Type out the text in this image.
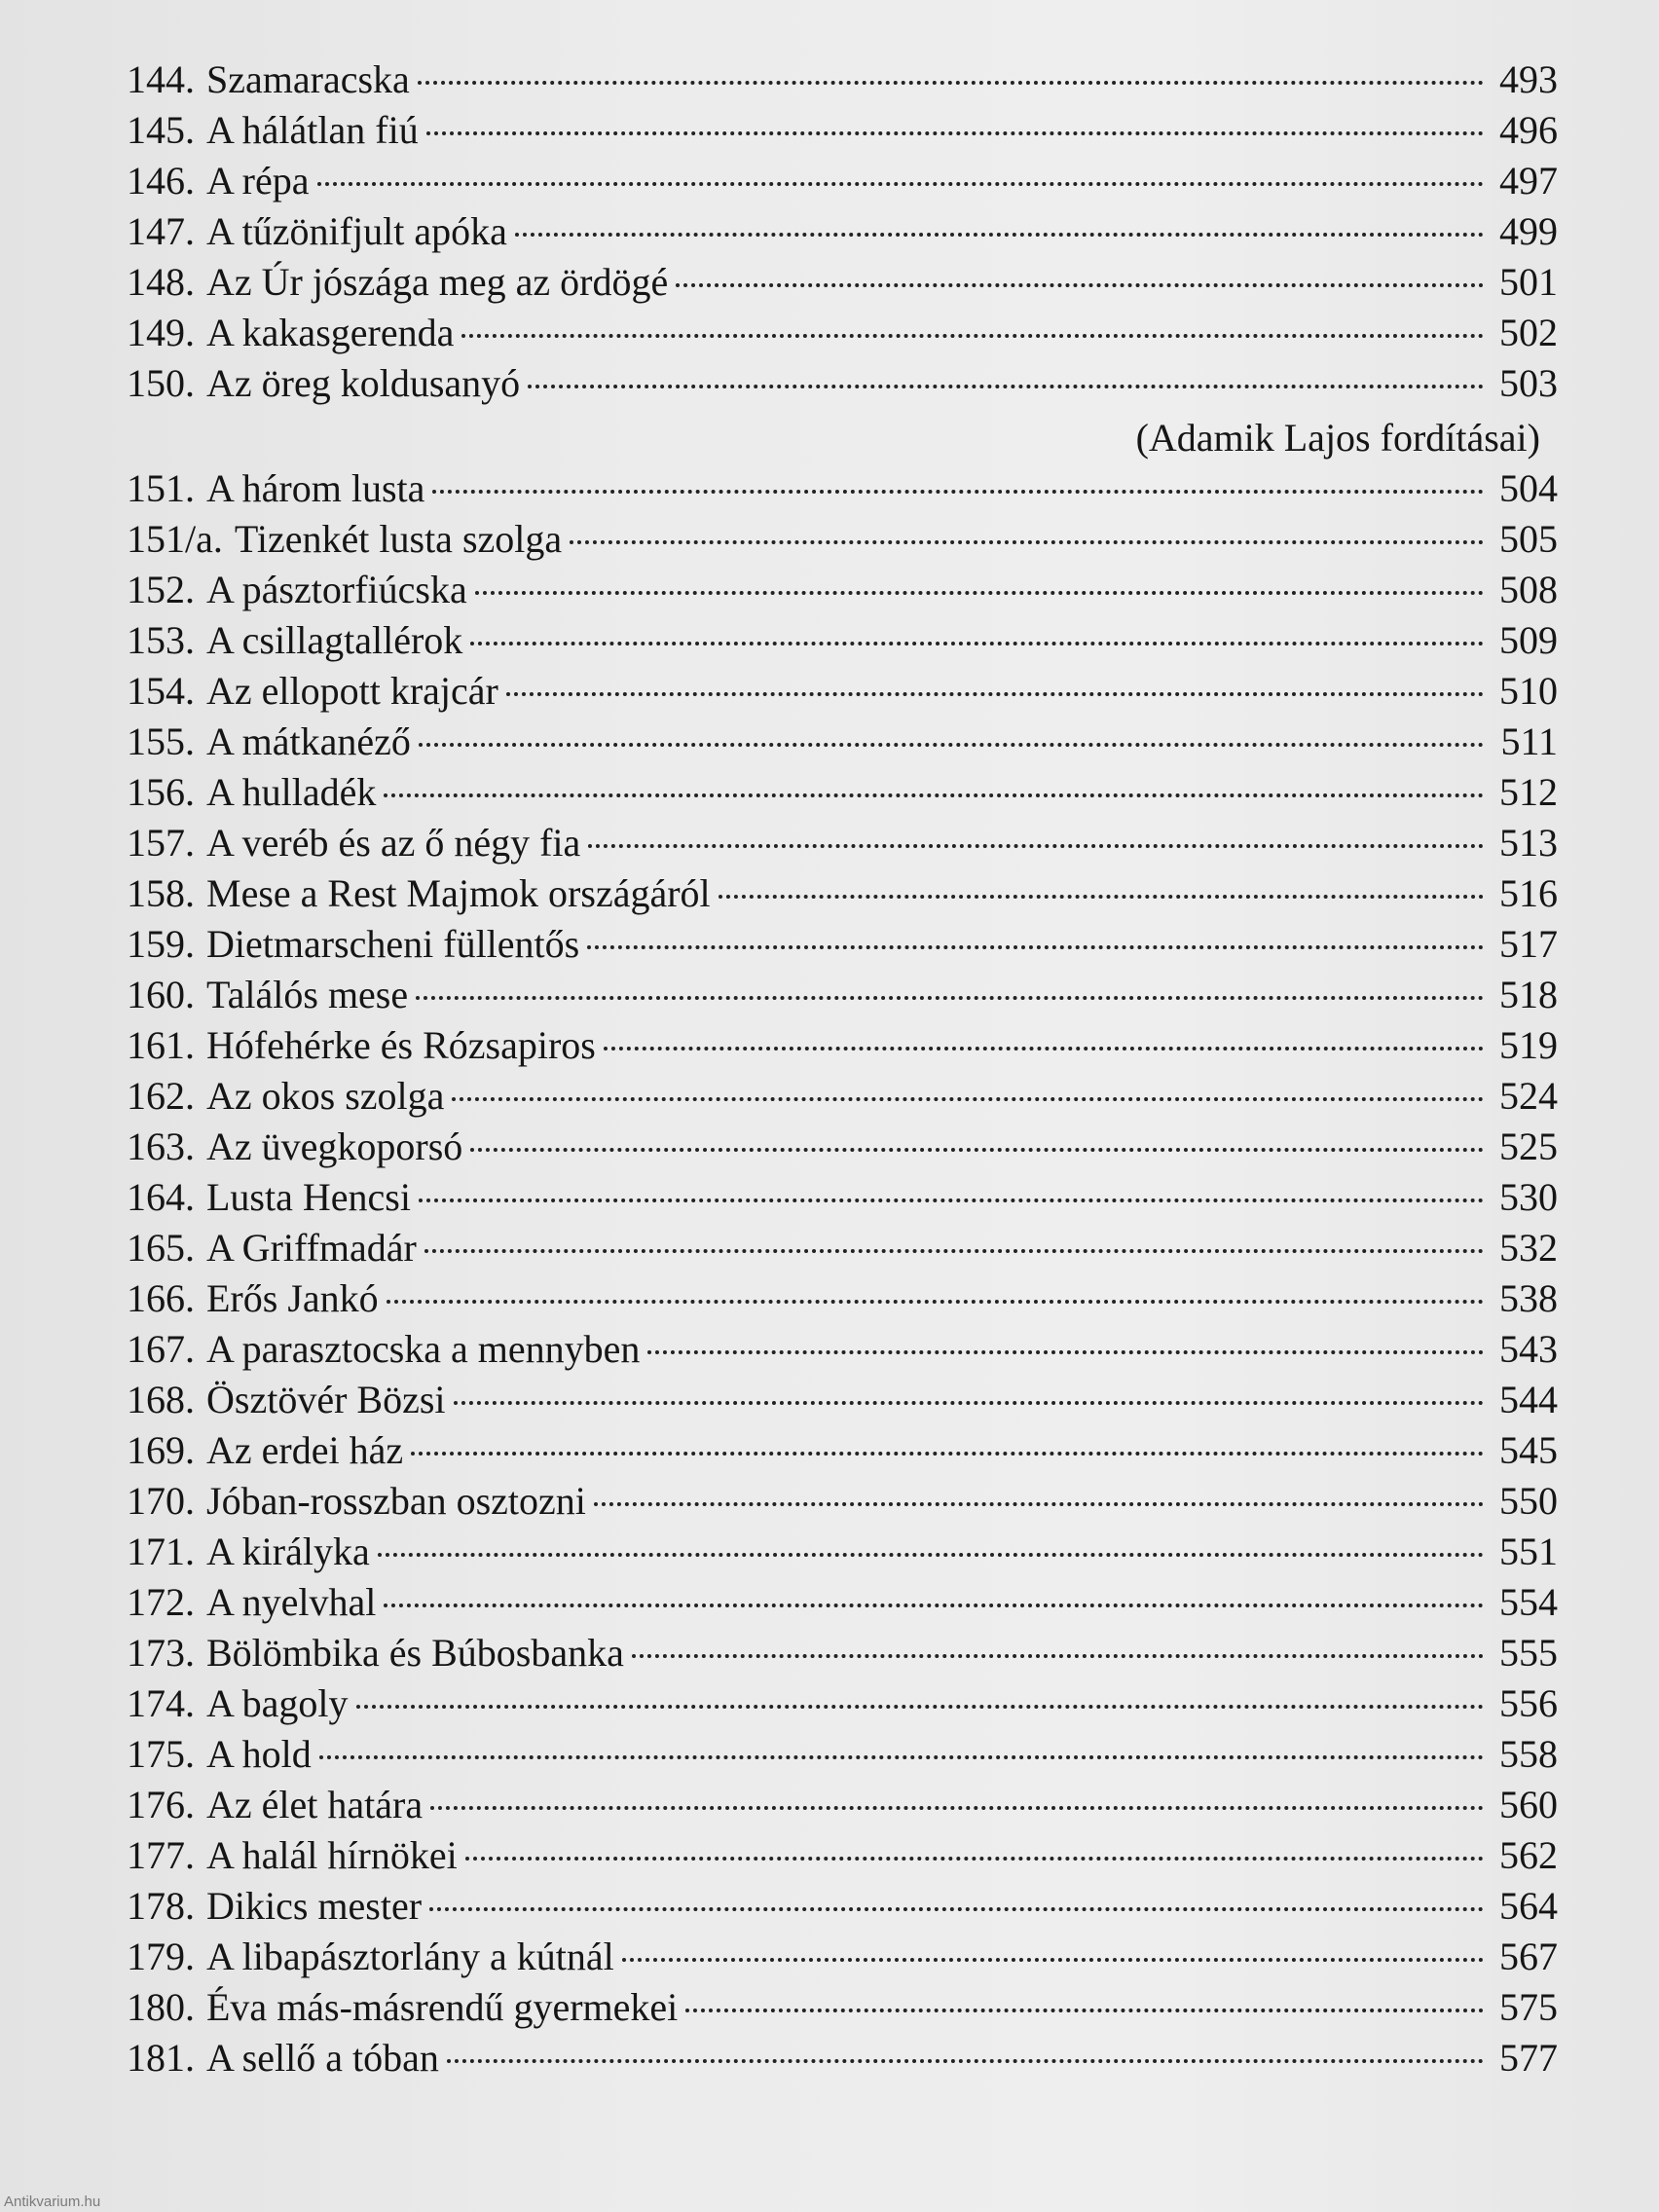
144. Szamaracska	493
145. A hálátlan fiú	496
146. A répa	497
147. A tűzönifjult apóka	499
148. Az Úr jószága meg az ördögé	501
149. A kakasgerenda	502
150. Az öreg koldusanyó	503
(Adamik Lajos fordításai)
151. A három lusta	504
151/a. Tizenkét lusta szolga	505
152. A pásztorfiúcska	508
153. A csillagtallérok	509
154. Az ellopott krajcár	510
155. A mátkanéző	511
156. A hulladék	512
157. A veréb és az ő négy fia	513
158. Mese a Rest Majmok országáról	516
159. Dietmarscheni füllentős	517
160. Találós mese	518
161. Hófehérke és Rózsapiros	519
162. Az okos szolga	524
163. Az üvegkoporsó	525
164. Lusta Hencsi	530
165. A Griffmadár	532
166. Erős Jankó	538
167. A parasztocska a mennyben	543
168. Ösztövér Bözsi	544
169. Az erdei ház	545
170. Jóban-rosszban osztozni	550
171. A királyka	551
172. A nyelvhal	554
173. Bölömbika és Búbosbanka	555
174. A bagoly	556
175. A hold	558
176. Az élet határa	560
177. A halál hírnökei	562
178. Dikics mester	564
179. A libapásztorlány a kútnál	567
180. Éva más-másrendű gyermekei	575
181. A sellő a tóban	577
Antikvarium.hu
